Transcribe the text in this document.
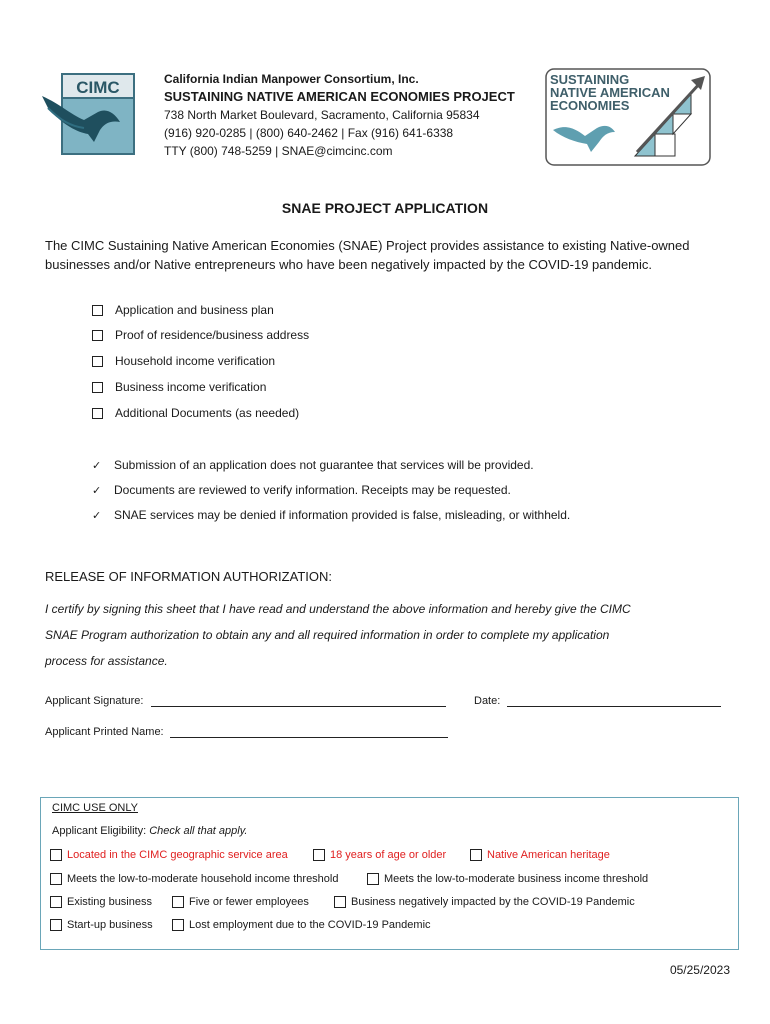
CIMC	California Indian Manpower Consortium, Inc.
SUSTAINING NATIVE AMERICAN ECONOMIES PROJECT
738 North Market Boulevard, Sacramento, California 95834
(916) 920-0285 | (800) 640-2462 | Fax (916) 641-6338
TTY (800) 748-5259 | SNAE@cimcinc.com
SUSTAINING
NATIVE AMERICAN
ECONOMIES
SNAE PROJECT APPLICATION
The CIMC Sustaining Native American Economies (SNAE) Project provides assistance to existing Native-owned businesses and/or Native entrepreneurs who have been negatively impacted by the COVID-19 pandemic.
Application and business plan
Proof of residence/business address
Household income verification
Business income verification
Additional Documents (as needed)
✓ Submission of an application does not guarantee that services will be provided.
✓ Documents are reviewed to verify information. Receipts may be requested.
✓ SNAE services may be denied if information provided is false, misleading, or withheld.
RELEASE OF INFORMATION AUTHORIZATION:
I certify by signing this sheet that I have read and understand the above information and hereby give the CIMC
SNAE Program authorization to obtain any and all required information in order to complete my application
process for assistance.
Applicant Signature:	Date:
Applicant Printed Name:
CIMC USE ONLY
Applicant Eligibility: Check all that apply.
Located in the CIMC geographic service area	18 years of age or older	Native American heritage
Meets the low-to-moderate household income threshold	Meets the low-to-moderate business income threshold
Existing business	Five or fewer employees	Business negatively impacted by the COVID-19 Pandemic
Start-up business	Lost employment due to the COVID-19 Pandemic
05/25/2023
